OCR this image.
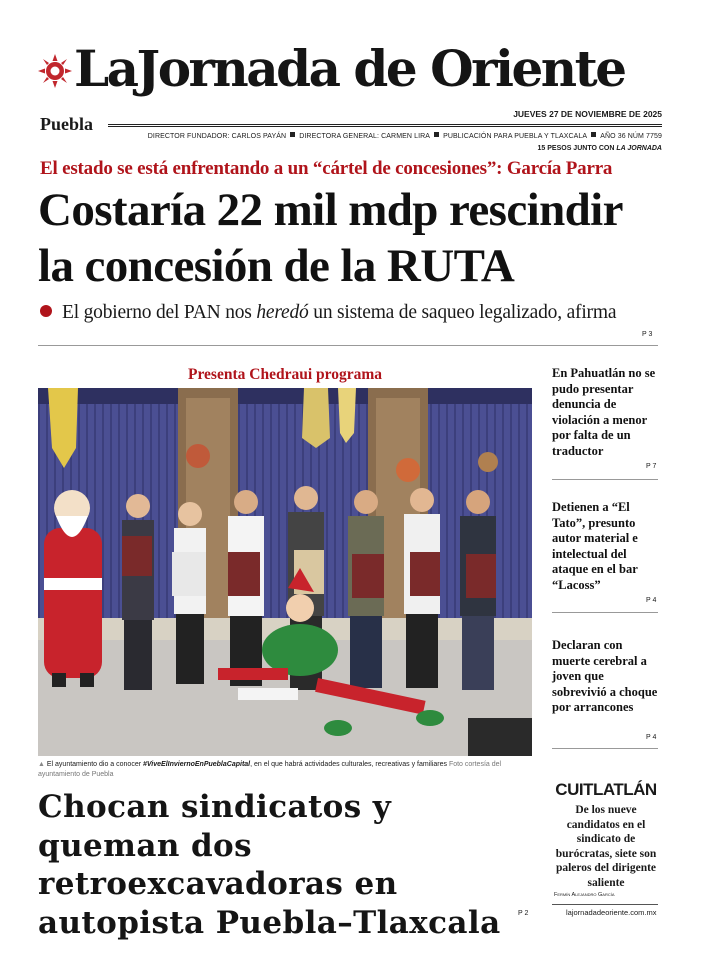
LaJornada de Oriente
JUEVES 27 DE NOVIEMBRE DE 2025
Puebla
DIRECTOR FUNDADOR: CARLOS PAYÁN DIRECTORA GENERAL: CARMEN LIRA PUBLICACIÓN PARA PUEBLA Y TLAXCALA AÑO 36 NÚM 7759
15 PESOS JUNTO CON LA JORNADA
El estado se está enfrentando a un “cártel de concesiones”: García Parra
Costaría 22 mil mdp rescindir
la concesión de la RUTA
El gobierno del PAN nos heredó un sistema de saqueo legalizado, afirma
P 3
Presenta Chedraui programa
▲ El ayuntamiento dio a conocer #ViveElInviernoEnPueblaCapital, en el que habrá actividades culturales, recreativas y familiares Foto cortesía del ayuntamiento de Puebla
En Pahuatlán no se pudo presentar denuncia de violación a menor por falta de un traductor
P 7
Detienen a “El Tato”, presunto autor material e intelectual del ataque en el bar “Lacoss”
P 4
Declaran con muerte cerebral a joven que sobrevivió a choque por arrancones
P 4
Chocan sindicatos y queman dos retroexcavadoras en autopista Puebla–Tlaxcala	P 2
CUITLATLÁN
De los nueve candidatos en el sindicato de burócratas, siete son paleros del dirigente saliente
Fermín Alejandro García
lajornadadeoriente.com.mx
